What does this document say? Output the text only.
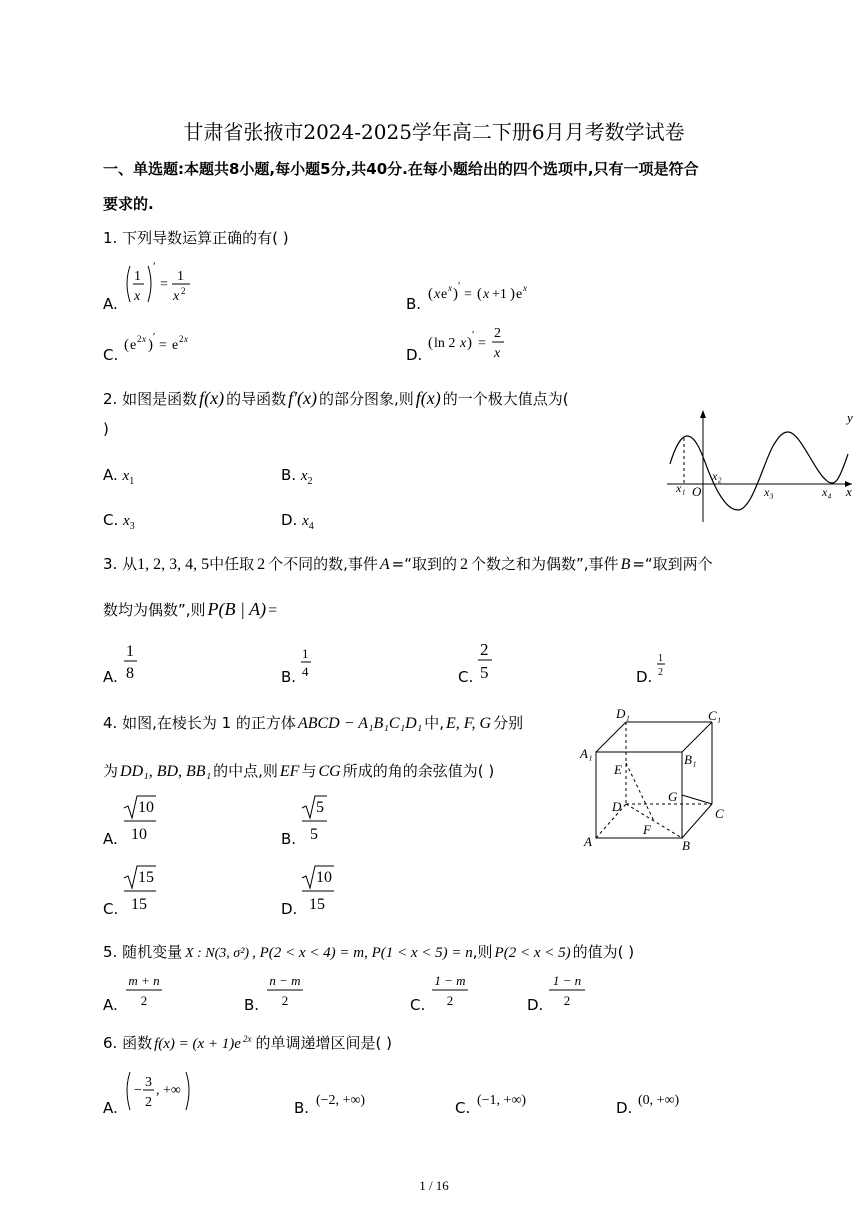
甘肃省张掖市2024-2025学年高二下册6月月考数学试卷
一、单选题:本题共8小题,每小题5分,共40分.在每小题给出的四个选项中,只有一项是符合
要求的.
1. 下列导数运算正确的有( )
A.
1
x
′
=
1
x 2
B.
( x e x ) ′
= ( x +1 ) e x
C.
( e 2 x ) ′
= e 2 x
D.
( ln 2 x ) ′
=
2
x
2. 如图是函数 f(x) 的导函数 f′(x) 的部分图象,则 f(x) 的一个极大值点为(
)
A. $x_1$	B. $x_2$
C. $x_3$	D. $x_4$
y
x
O
x₁
x₂
x₃	x₄
3. 从1, 2, 3, 4, 5中任取 2 个不同的数,事件 A =“取到的 2 个数之和为偶数”,事件 B =“取到两个
数均为偶数”,则 P(B | A) =
A.
1
8	B.
1
4	C.
2
5	D.
1
2
4. 如图,在棱长为 1 的正方体 ABCD − A₁B₁C₁D₁ 中, E, F, G 分别
为 DD₁, BD, BB₁ 的中点,则 EF 与 CG 所成的角的余弦值为( )
A.
10
10	B.
5
5
C.
15
15	D.
10
15
D₁	C₁
A₁	B₁
E
G
D	C
F
A	B
5. 随机变量 X : N(3, σ²) , P(2 < x < 4) = m, P(1 < x < 5) = n,则 P(2 < x < 5) 的值为( )
A.
m + n
2	B.
n − m
2	C.
1 − m
2	D.
1 − n
2
6. 函数 f(x) = (x + 1)e $^{2x}$ 的单调递增区间是( )
A.
−
3
2
, +∞
B. (−2, +∞)	C. (−1, +∞)	D. (0, +∞)
1 / 16
